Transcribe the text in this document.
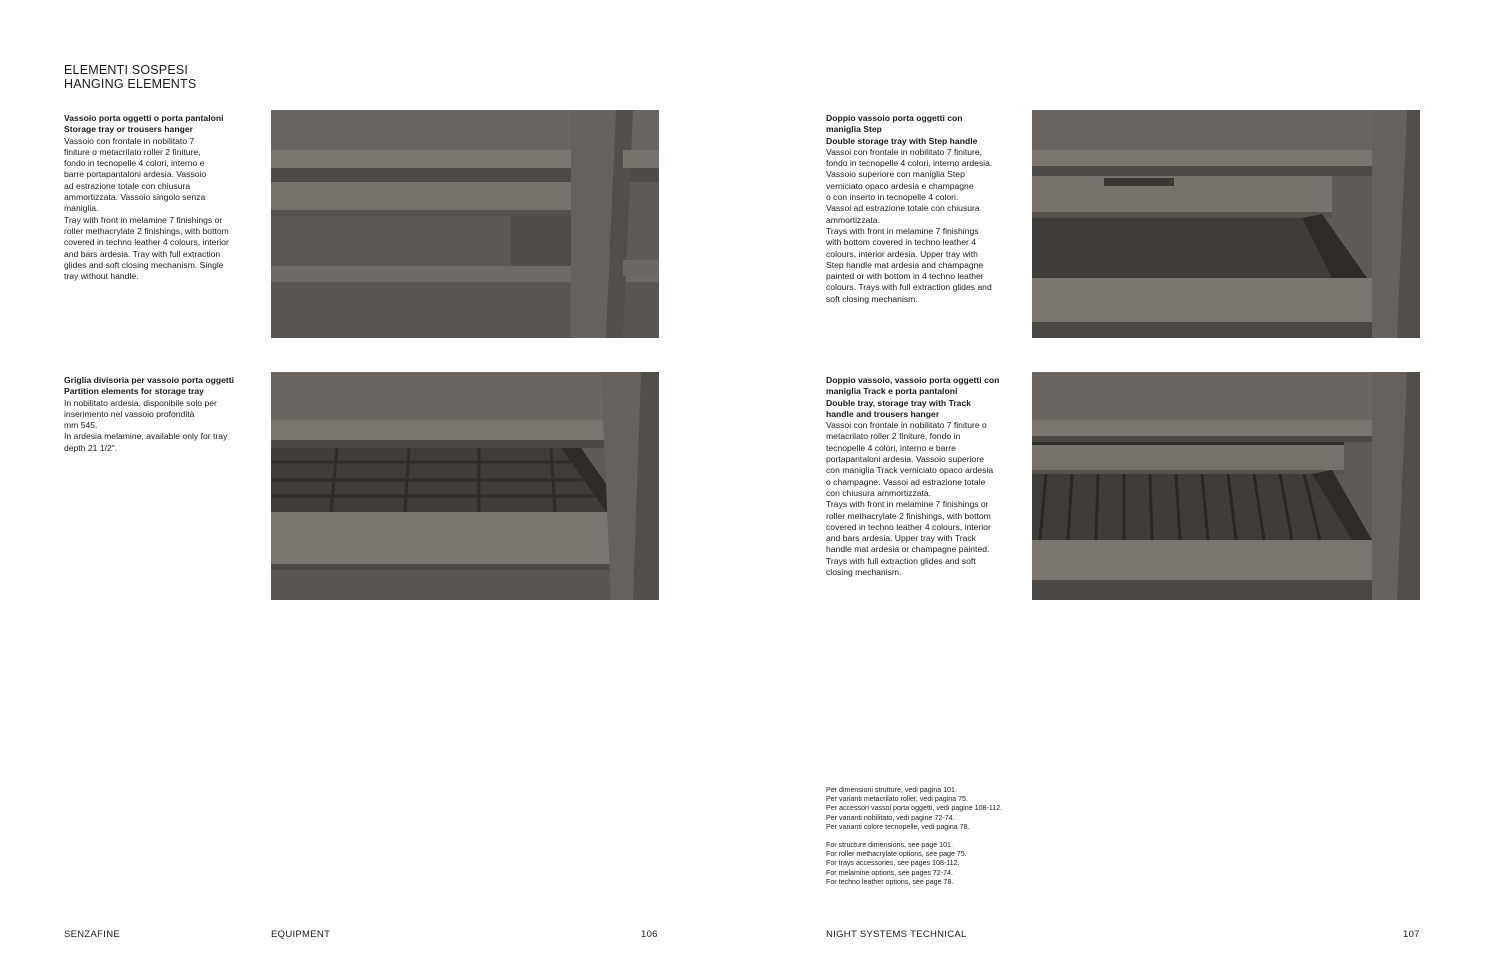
ELEMENTI SOSPESI
HANGING ELEMENTS
Vassoio porta oggetti o porta pantaloni
Storage tray or trousers hanger
Vassoio con frontale in nobilitato 7
finiture o metacrilato roller 2 finiture,
fondo in tecnopelle 4 colori, interno e
barre portapantaloni ardesia. Vassoio
ad estrazione totale con chiusura
ammortizzata. Vassoio singolo senza
maniglia.
Tray with front in melamine 7 finishings or
roller methacrylate 2 finishings, with bottom
covered in techno leather 4 colours, interior
and bars ardesia. Tray with full extraction
glides and soft closing mechanism. Single
tray without handle.
Griglia divisoria per vassoio porta oggetti
Partition elements for storage tray
In nobilitato ardesia, disponibile solo per
inserimento nel vassoio profondità
mm 545.
In ardesia melamine, available only for tray
depth 21 1/2".
Doppio vassoio porta oggetti con
maniglia Step
Double storage tray with Step handle
Vassoi con frontale in nobilitato 7 finiture,
fondo in tecnopelle 4 colori, interno ardesia.
Vassoio superiore con maniglia Step
verniciato opaco ardesia e champagne
o con inserto in tecnopelle 4 colori.
Vassoi ad estrazione totale con chiusura
ammortizzata.
Trays with front in melamine 7 finishings
with bottom covered in techno leather 4
colours, interior ardesia. Upper tray with
Step handle mat ardesia and champagne
painted or with bottom in 4 techno leather
colours. Trays with full extraction glides and
soft closing mechanism.
Doppio vassoio, vassoio porta oggetti con
maniglia Track e porta pantaloni
Double tray, storage tray with Track
handle and trousers hanger
Vassoi con frontale in nobilitato 7 finiture o
metacrilato roller 2 finiture, fondo in
tecnopelle 4 colori, interno e barre
portapantaloni ardesia. Vassoio superiore
con maniglia Track verniciato opaco ardesia
o champagne. Vassoi ad estrazione totale
con chiusura ammortizzata.
Trays with front in melamine 7 finishings or
roller methacrylate 2 finishings, with bottom
covered in techno leather 4 colours, interior
and bars ardesia. Upper tray with Track
handle mat ardesia or champagne painted.
Trays with full extraction glides and soft
closing mechanism.
Per dimensioni strutture, vedi pagina 101.
Per varianti metacrilato roller, vedi pagina 75.
Per accessori vassoi porta oggetti, vedi pagine 108-112.
Per varianti nobilitato, vedi pagine 72-74.
Per varianti colore tecnopelle, vedi pagina 78.
For structure dimensions, see page 101.
For roller methacrylate options, see page 75.
For trays accessories, see pages 108-112.
For melamine options, see pages 72-74.
For techno leather options, see page 78.
SENZAFINE	EQUIPMENT	106	NIGHT SYSTEMS TECHNICAL	107
